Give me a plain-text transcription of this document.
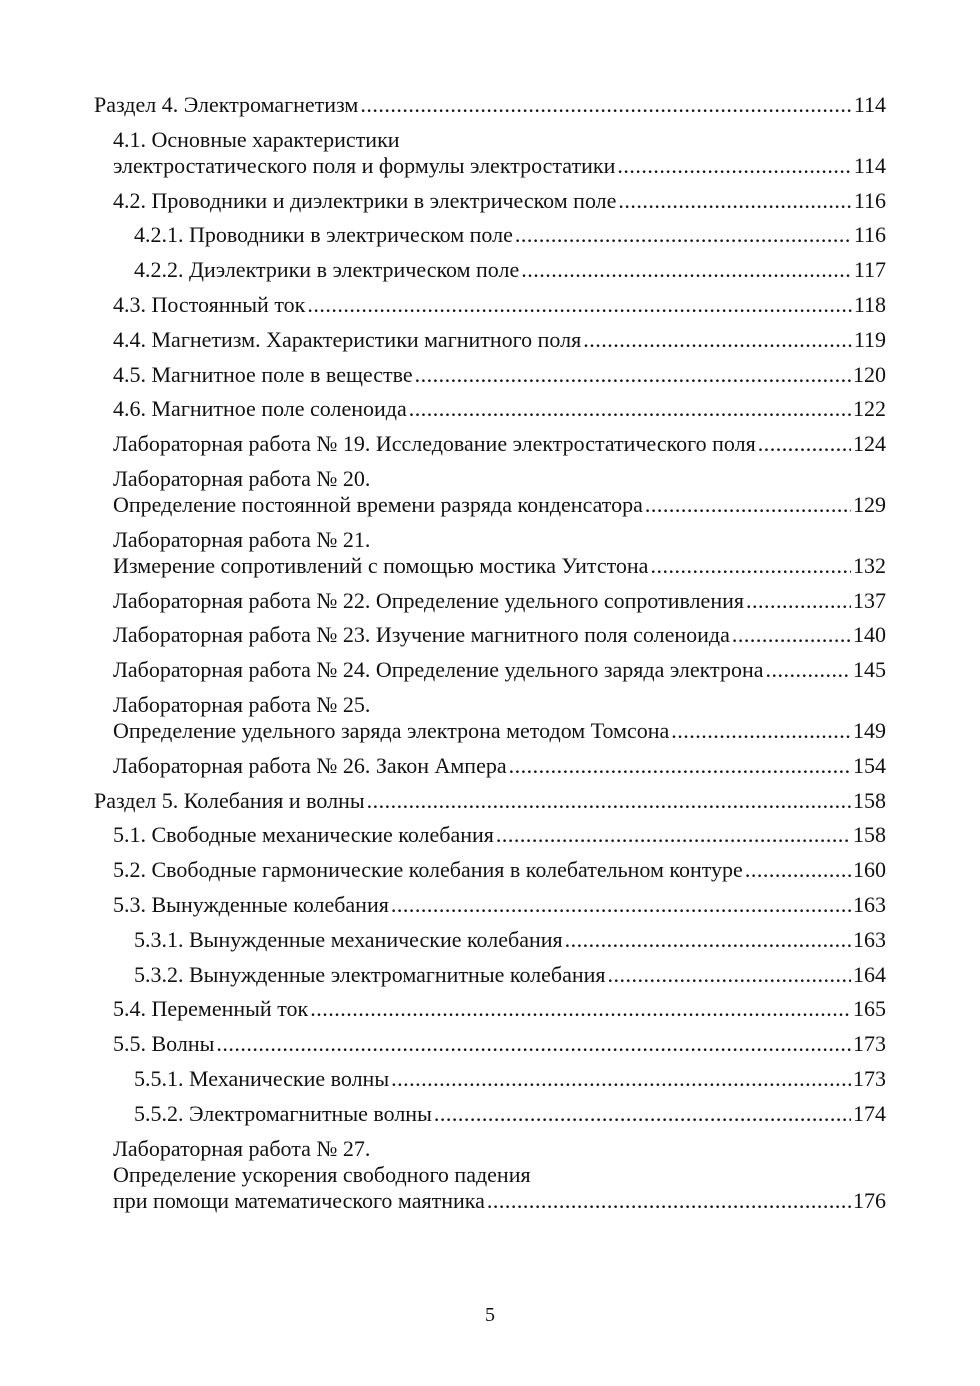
Раздел 4. Электромагнетизм .....	114
4.1. Основные характеристики
электростатического поля и формулы электростатики .....	114
4.2. Проводники и диэлектрики в электрическом поле .....	116
4.2.1. Проводники в электрическом поле .....	116
4.2.2. Диэлектрики в электрическом поле .....	117
4.3. Постоянный ток .....	118
4.4. Магнетизм. Характеристики магнитного поля .....	119
4.5. Магнитное поле в веществе .....	120
4.6. Магнитное поле соленоида .....	122
Лабораторная работа № 19. Исследование электростатического поля .....	124
Лабораторная работа № 20.
Определение постоянной времени разряда конденсатора .....	129
Лабораторная работа № 21.
Измерение сопротивлений с помощью мостика Уитстона .....	132
Лабораторная работа № 22. Определение удельного сопротивления .....	137
Лабораторная работа № 23. Изучение магнитного поля соленоида .....	140
Лабораторная работа № 24. Определение удельного заряда электрона .....	145
Лабораторная работа № 25.
Определение удельного заряда электрона методом Томсона .....	149
Лабораторная работа № 26. Закон Ампера .....	154
Раздел 5. Колебания и волны .....	158
5.1. Свободные механические колебания .....	158
5.2. Свободные гармонические колебания в колебательном контуре .....	160
5.3. Вынужденные колебания .....	163
5.3.1. Вынужденные механические колебания .....	163
5.3.2. Вынужденные электромагнитные колебания .....	164
5.4. Переменный ток .....	165
5.5. Волны .....	173
5.5.1. Механические волны .....	173
5.5.2. Электромагнитные волны .....	174
Лабораторная работа № 27.
Определение ускорения свободного падения
при помощи математического маятника .....	176
5
